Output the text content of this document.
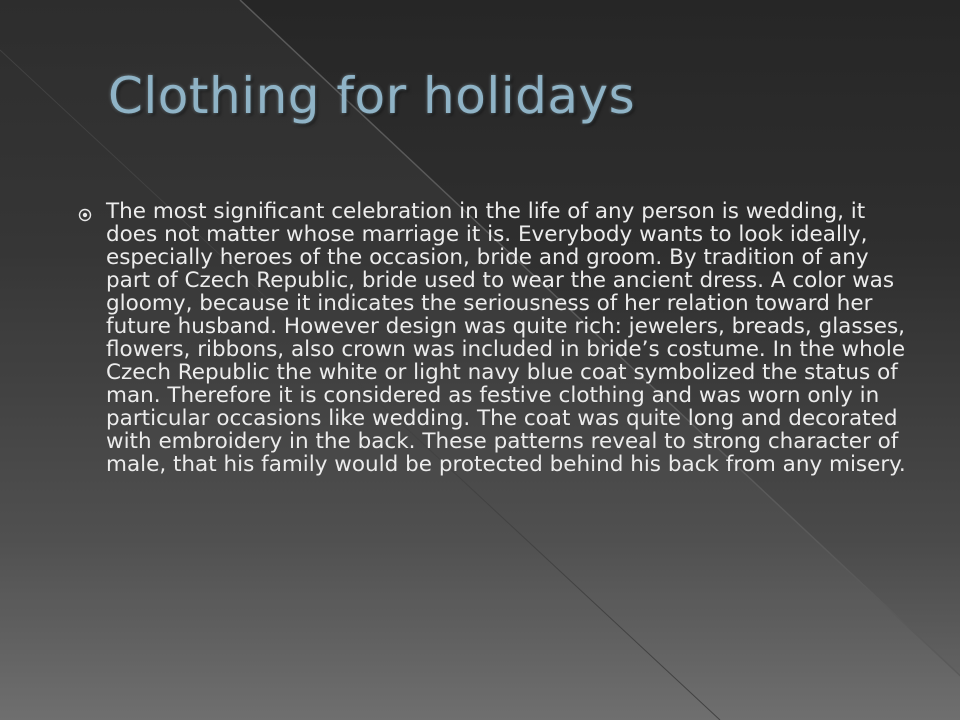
Clothing for holidays

The most significant celebration in the life of any person is wedding, it does not matter whose marriage it is. Everybody wants to look ideally, especially heroes of the occasion, bride and groom. By tradition of any part of Czech Republic, bride used to wear the ancient dress. A color was gloomy, because it indicates the seriousness of her relation toward her future husband. However design was quite rich: jewelers, breads, glasses, flowers, ribbons, also crown was included in bride’s costume. In the whole Czech Republic the white or light navy blue coat symbolized the status of man. Therefore it is considered as festive clothing and was worn only in particular occasions like wedding. The coat was quite long and decorated with embroidery in the back. These patterns reveal to strong character of male, that his family would be protected behind his back from any misery.
